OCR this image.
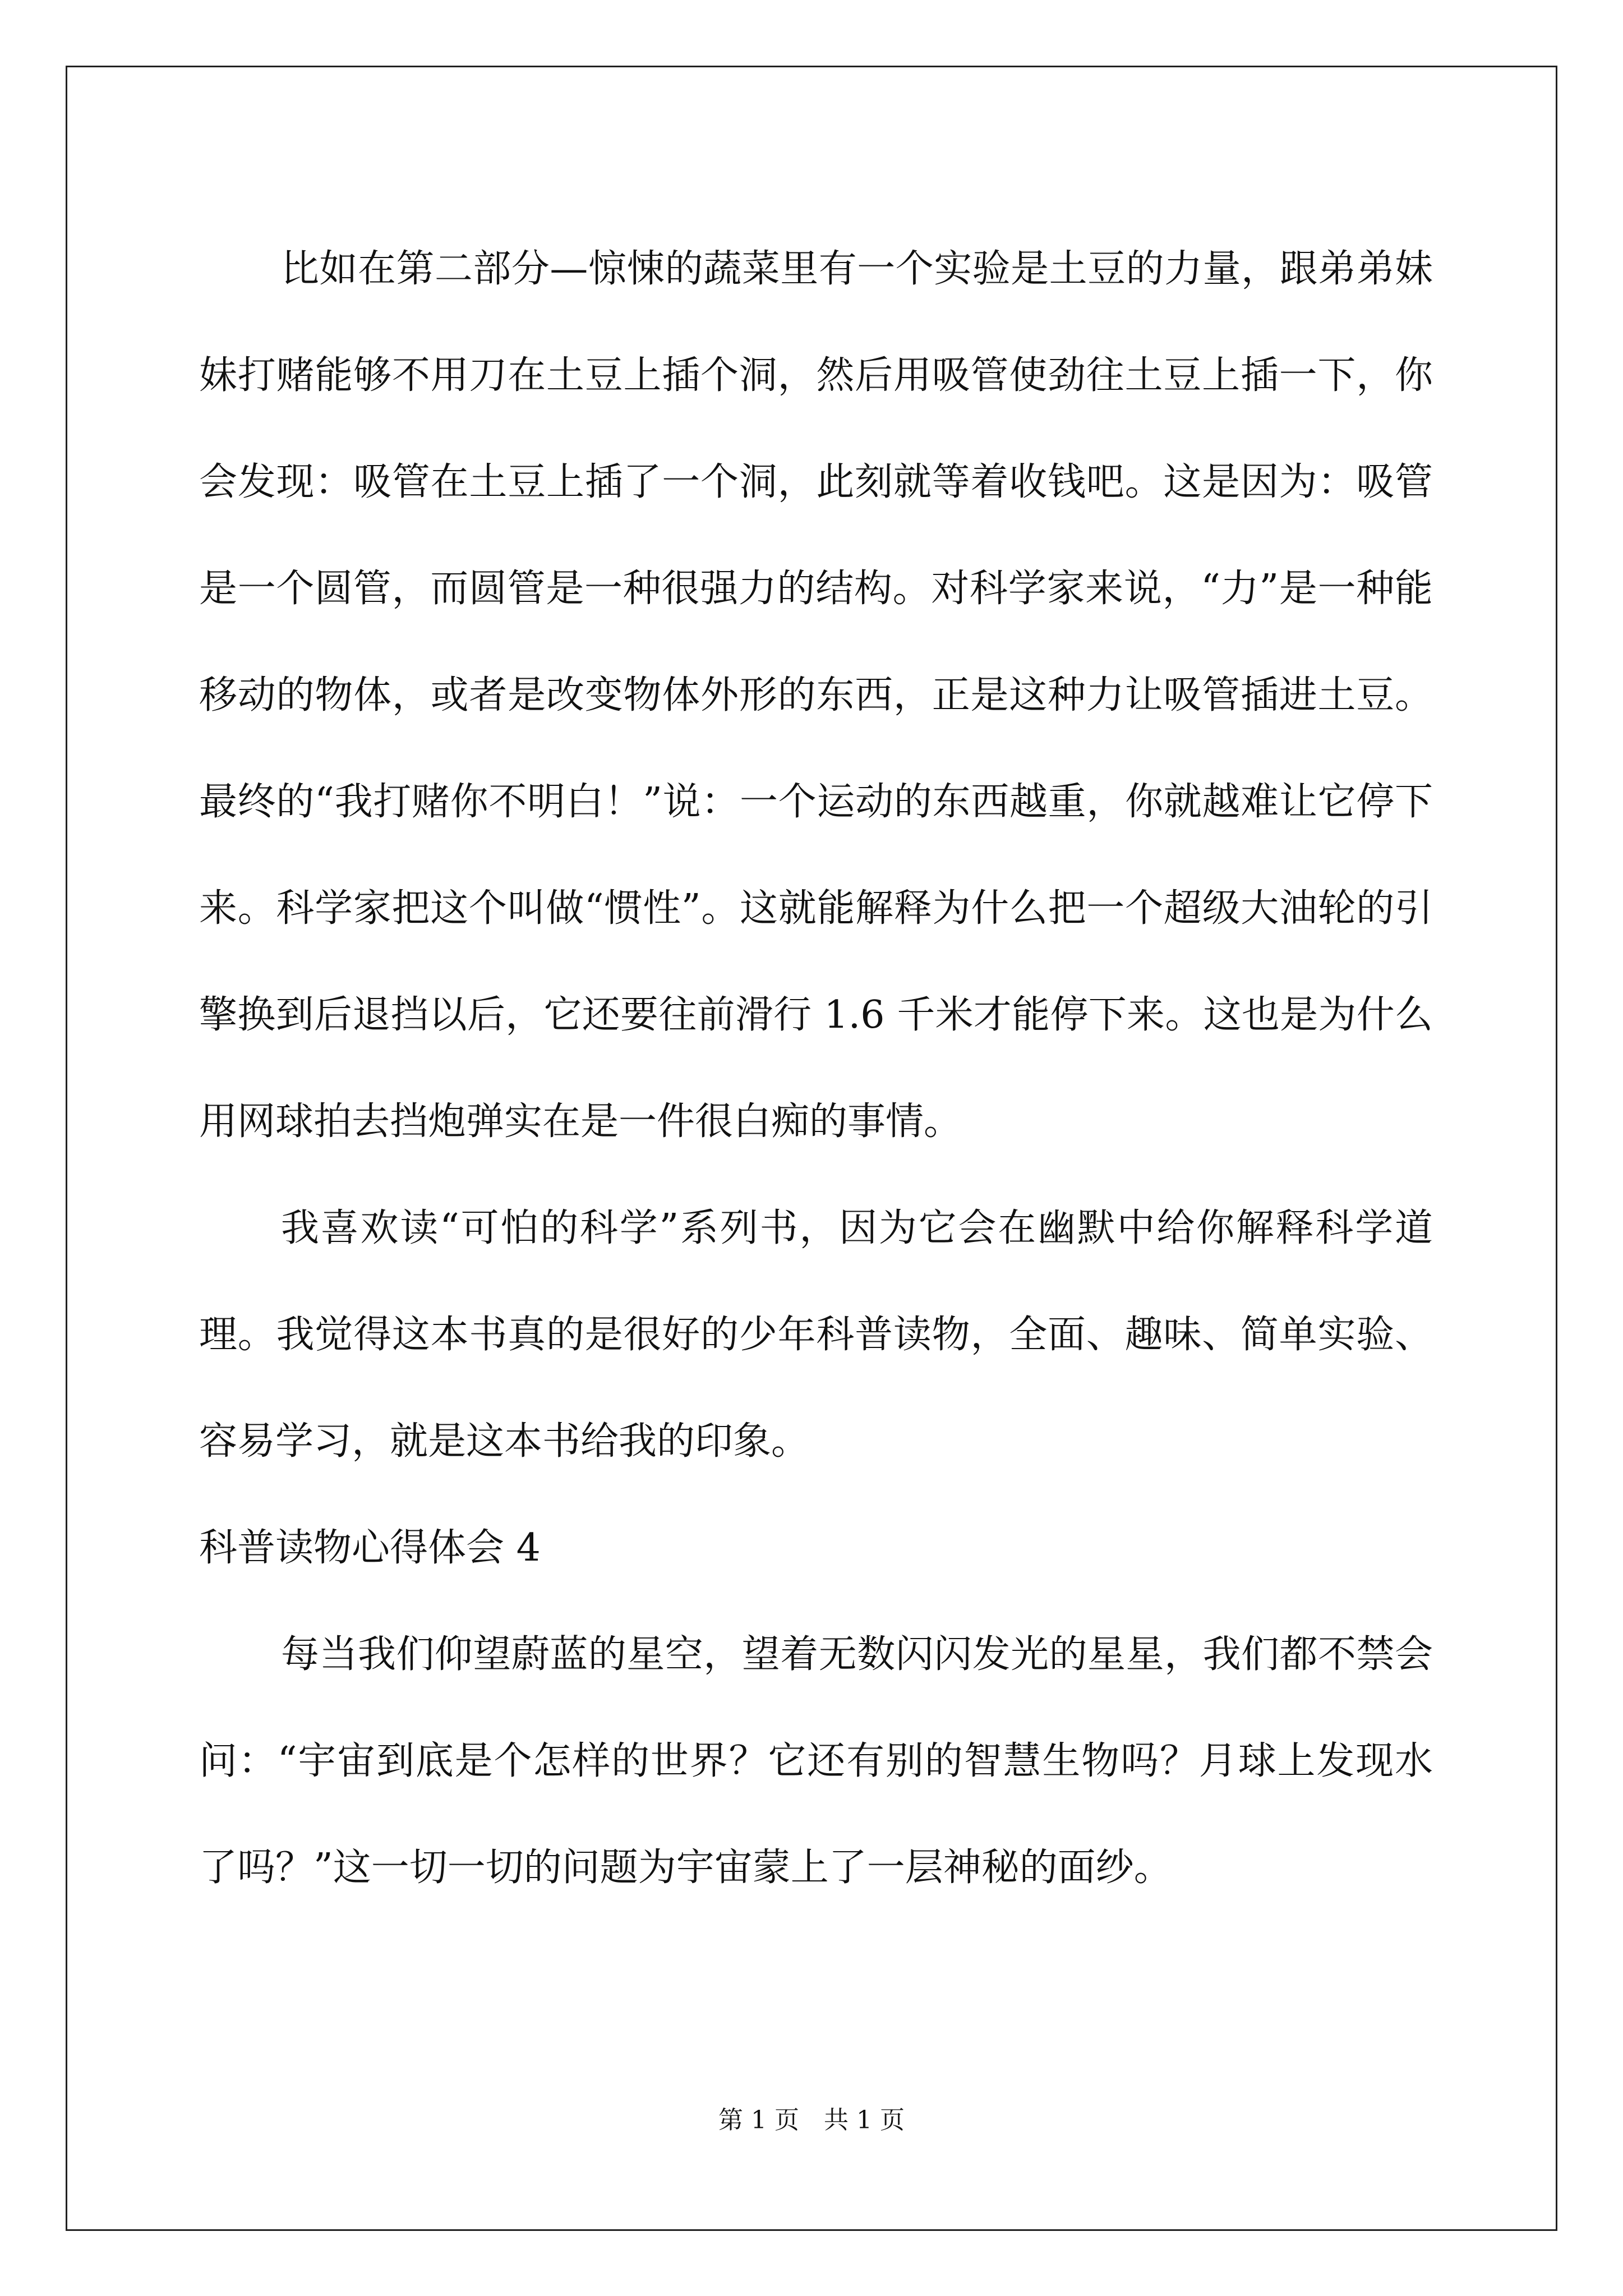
比如在第二部分—惊悚的蔬菜里有一个实验是土豆的力量，跟弟弟妹妹打赌能够不用刀在土豆上插个洞，然后用吸管使劲往土豆上插一下，你会发现：吸管在土豆上插了一个洞，此刻就等着收钱吧。这是因为：吸管是一个圆管，而圆管是一种很强力的结构。对科学家来说，“力”是一种能移动的物体，或者是改变物体外形的东西，正是这种力让吸管插进土豆。最终的“我打赌你不明白！”说：一个运动的东西越重，你就越难让它停下来。科学家把这个叫做“惯性”。这就能解释为什么把一个超级大油轮的引擎换到后退挡以后，它还要往前滑行 1.6 千米才能停下来。这也是为什么用网球拍去挡炮弹实在是一件很白痴的事情。

我喜欢读“可怕的科学”系列书，因为它会在幽默中给你解释科学道理。我觉得这本书真的是很好的少年科普读物，全面、趣味、简单实验、容易学习，就是这本书给我的印象。

科普读物心得体会 4

每当我们仰望蔚蓝的星空，望着无数闪闪发光的星星，我们都不禁会问：“宇宙到底是个怎样的世界？它还有别的智慧生物吗？月球上发现水了吗？”这一切一切的问题为宇宙蒙上了一层神秘的面纱。

第 1 页　共 1 页
